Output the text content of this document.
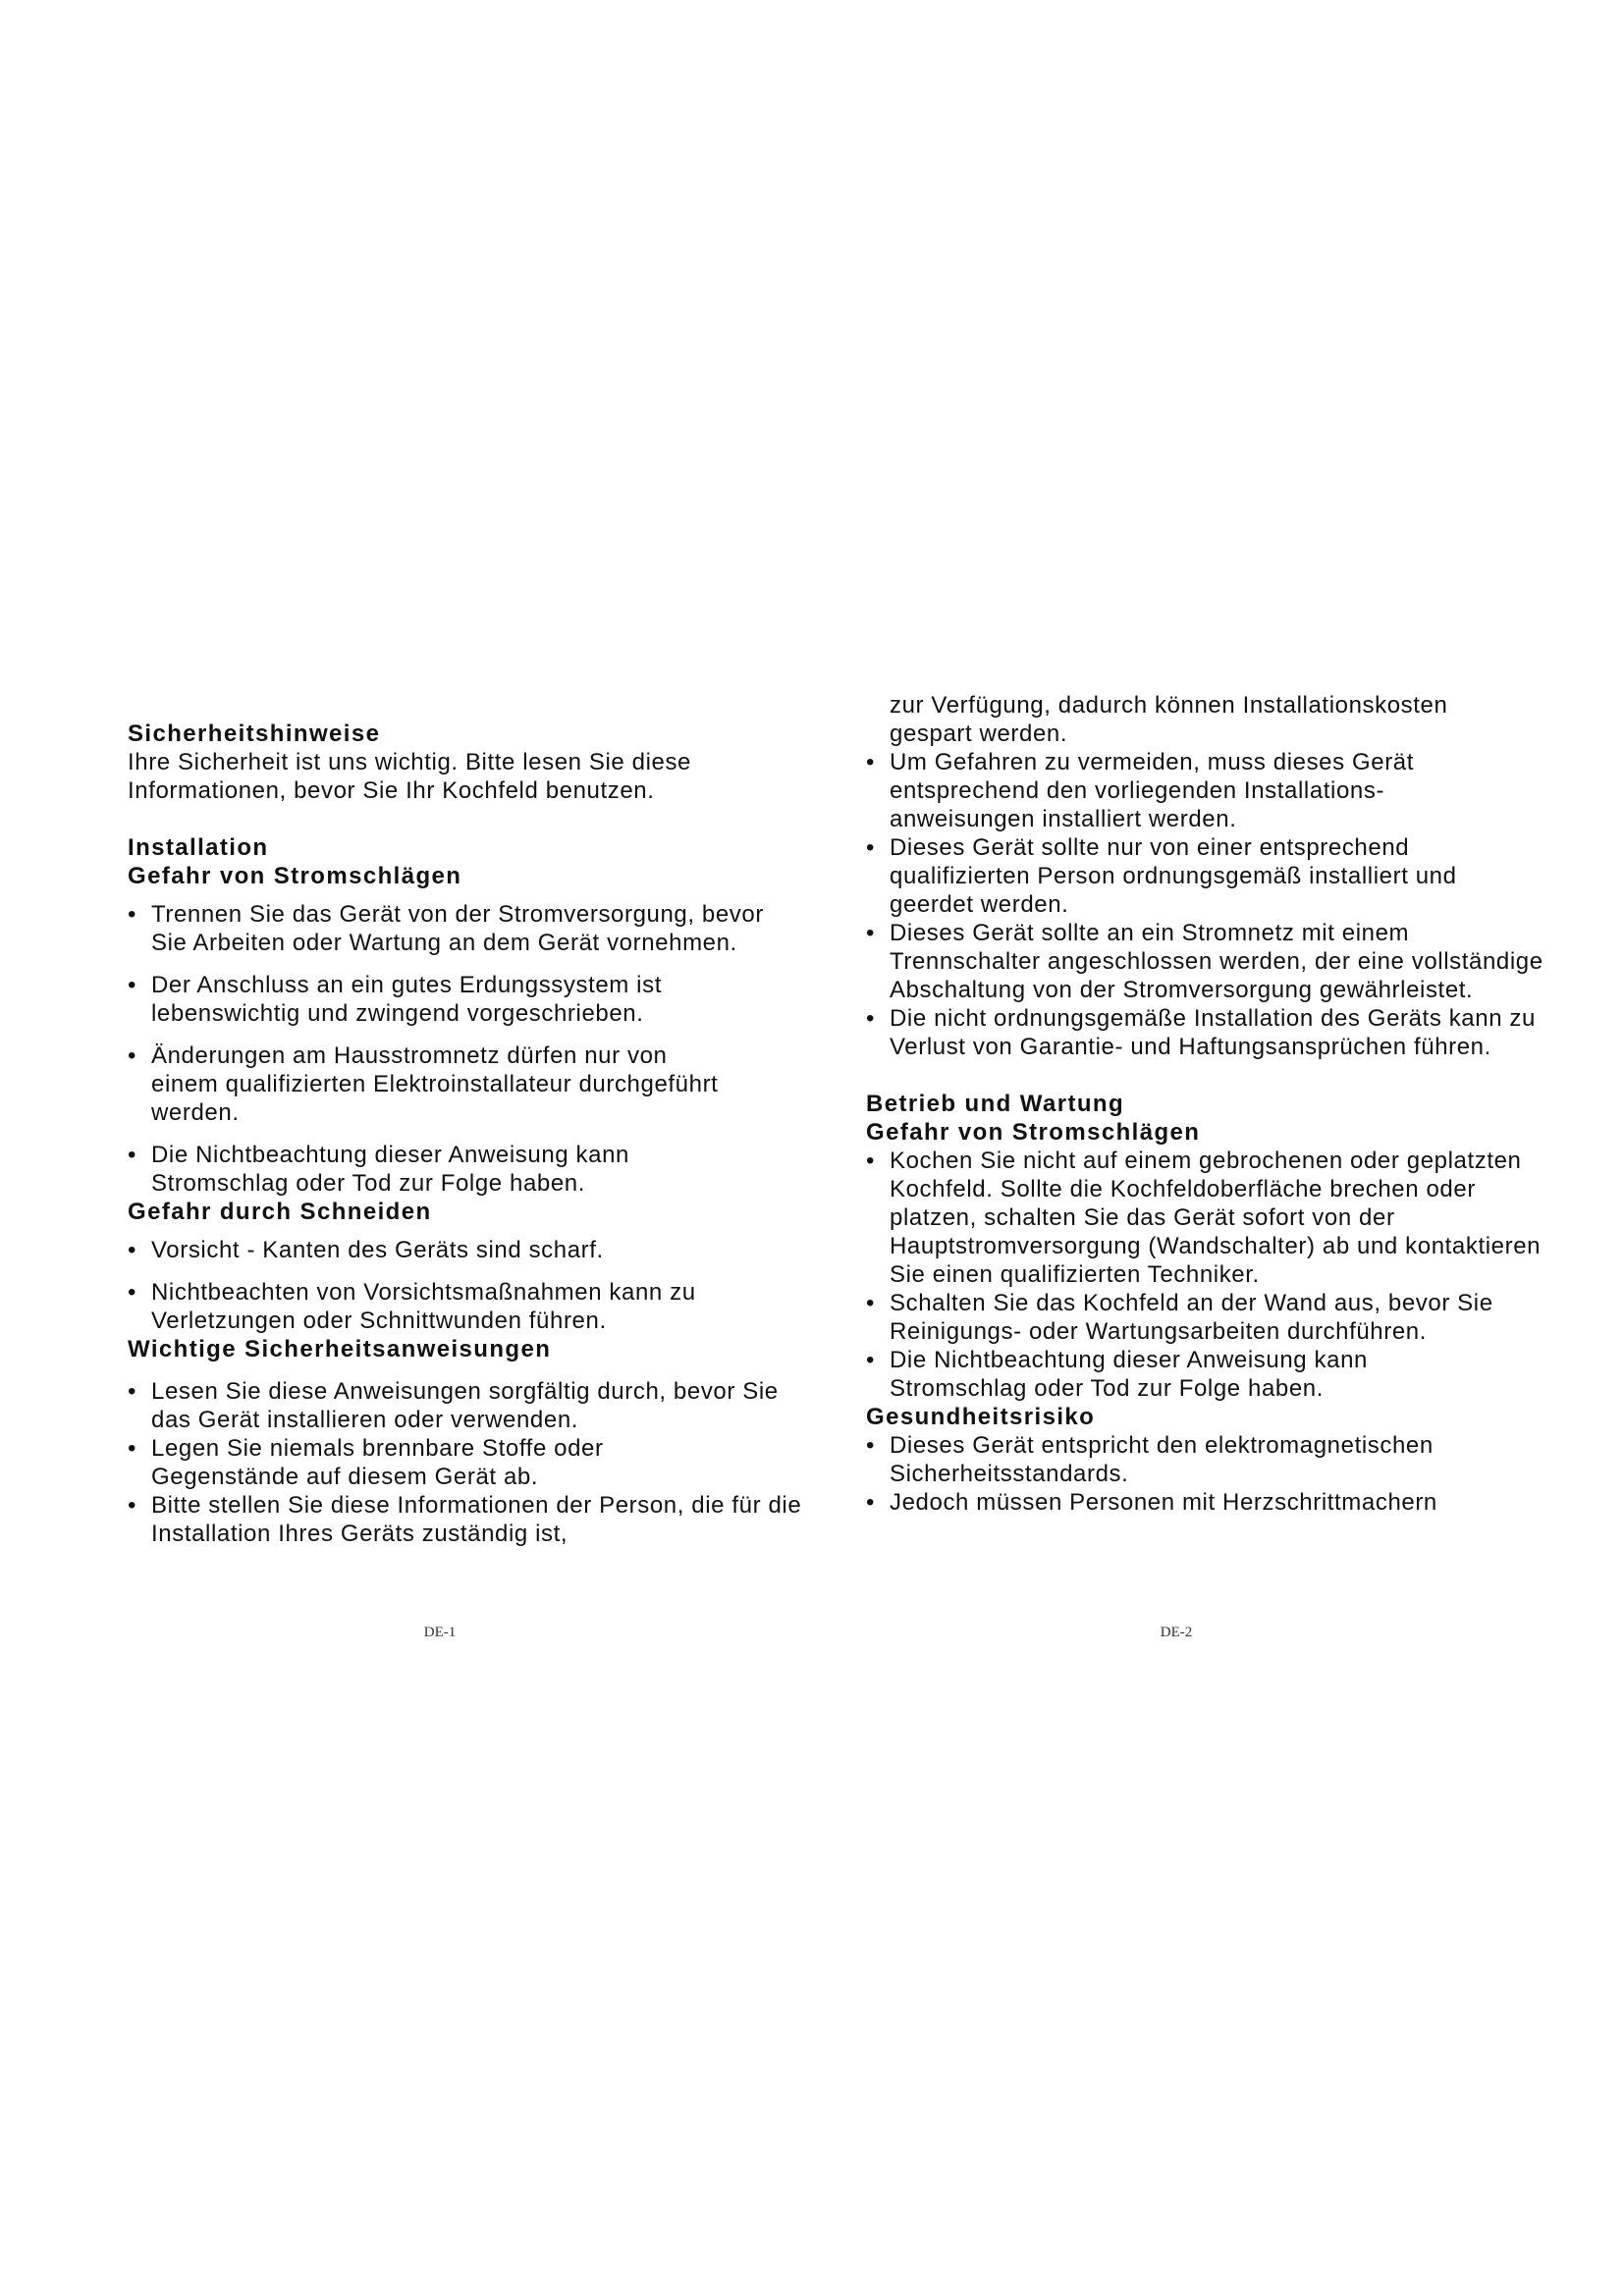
Sicherheitshinweise

Ihre Sicherheit ist uns wichtig. Bitte lesen Sie diese Informationen, bevor Sie Ihr Kochfeld benutzen.

Installation
Gefahr von Stromschlägen
• Trennen Sie das Gerät von der Stromversorgung, bevor Sie Arbeiten oder Wartung an dem Gerät vornehmen.
• Der Anschluss an ein gutes Erdungssystem ist lebenswichtig und zwingend vorgeschrieben.
• Änderungen am Hausstromnetz dürfen nur von einem qualifizierten Elektroinstallateur durchgeführt werden.
• Die Nichtbeachtung dieser Anweisung kann Stromschlag oder Tod zur Folge haben.
Gefahr durch Schneiden
• Vorsicht - Kanten des Geräts sind scharf.
• Nichtbeachten von Vorsichtsmaßnahmen kann zu Verletzungen oder Schnittwunden führen.
Wichtige Sicherheitsanweisungen
• Lesen Sie diese Anweisungen sorgfältig durch, bevor Sie das Gerät installieren oder verwenden.
• Legen Sie niemals brennbare Stoffe oder Gegenstände auf diesem Gerät ab.
• Bitte stellen Sie diese Informationen der Person, die für die Installation Ihres Geräts zuständig ist,

zur Verfügung, dadurch können Installationskosten gespart werden.

• Um Gefahren zu vermeiden, muss dieses Gerät entsprechend den vorliegenden Installations-anweisungen installiert werden.
• Dieses Gerät sollte nur von einer entsprechend qualifizierten Person ordnungsgemäß installiert und geerdet werden.
• Dieses Gerät sollte an ein Stromnetz mit einem Trennschalter angeschlossen werden, der eine vollständige Abschaltung von der Stromversorgung gewährleistet.
• Die nicht ordnungsgemäße Installation des Geräts kann zu Verlust von Garantie- und Haftungsansprüchen führen.
Betrieb und Wartung
Gefahr von Stromschlägen
• Kochen Sie nicht auf einem gebrochenen oder geplatzten Kochfeld. Sollte die Kochfeldoberfläche brechen oder platzen, schalten Sie das Gerät sofort von der Hauptstromversorgung (Wandschalter) ab und kontaktieren Sie einen qualifizierten Techniker.
• Schalten Sie das Kochfeld an der Wand aus, bevor Sie Reinigungs- oder Wartungsarbeiten durchführen.
• Die Nichtbeachtung dieser Anweisung kann Stromschlag oder Tod zur Folge haben.
Gesundheitsrisiko
• Dieses Gerät entspricht den elektromagnetischen Sicherheitsstandards.
• Jedoch müssen Personen mit Herzschrittmachern
DE-1	DE-2
